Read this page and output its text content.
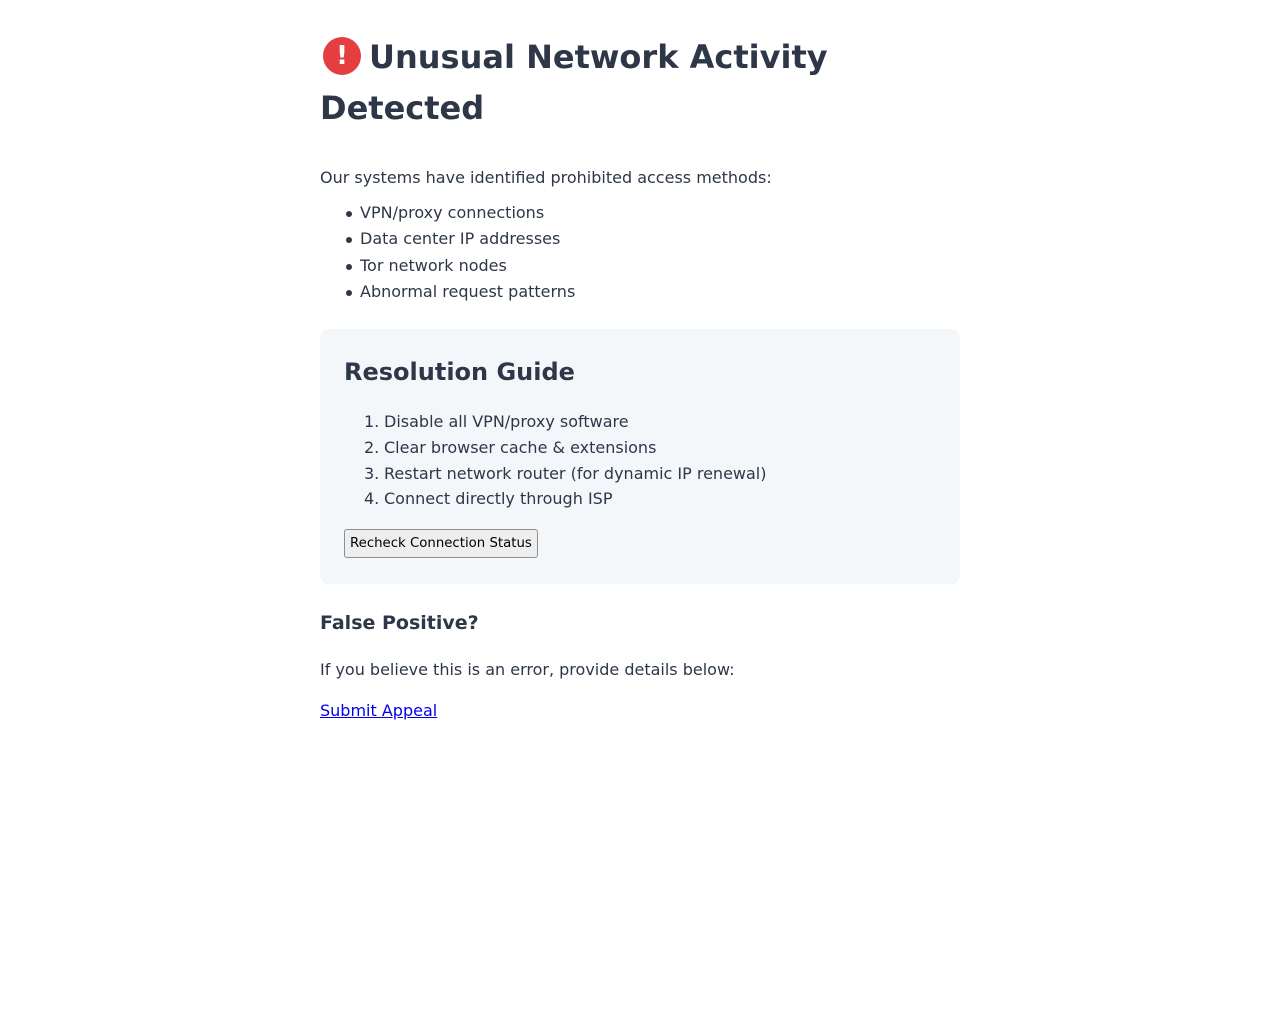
! Unusual Network Activity Detected

Our systems have identified prohibited access methods:

VPN/proxy connections
Data center IP addresses
Tor network nodes
Abnormal request patterns
Resolution Guide
1. Disable all VPN/proxy software
2. Clear browser cache & extensions
3. Restart network router (for dynamic IP renewal)
4. Connect directly through ISP
Recheck Connection Status
False Positive?

If you believe this is an error, provide details below:

Submit Appeal
